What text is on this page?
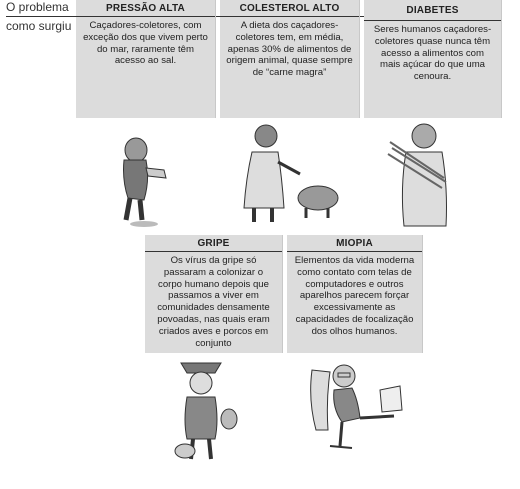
O problema
como surgiu
PRESSÃO ALTA
Caçadores-coletores, com exceção dos que vivem perto do mar, raramente têm acesso ao sal.
COLESTEROL ALTO
A dieta dos caçadores-coletores tem, em média, apenas 30% de alimentos de origem animal, quase sempre de “carne magra”
DIABETES
Seres humanos caçadores-coletores quase nunca têm acesso a alimentos com mais açúcar do que uma cenoura.
GRIPE
Os vírus da gripe só passaram a colonizar o corpo humano depois que passamos a viver em comunidades densamente povoadas, nas quais eram criados aves e porcos em conjunto
MIOPIA
Elementos da vida moderna como contato com telas de computadores e outros aparelhos parecem forçar excessivamente as capacidades de focalização dos olhos humanos.
